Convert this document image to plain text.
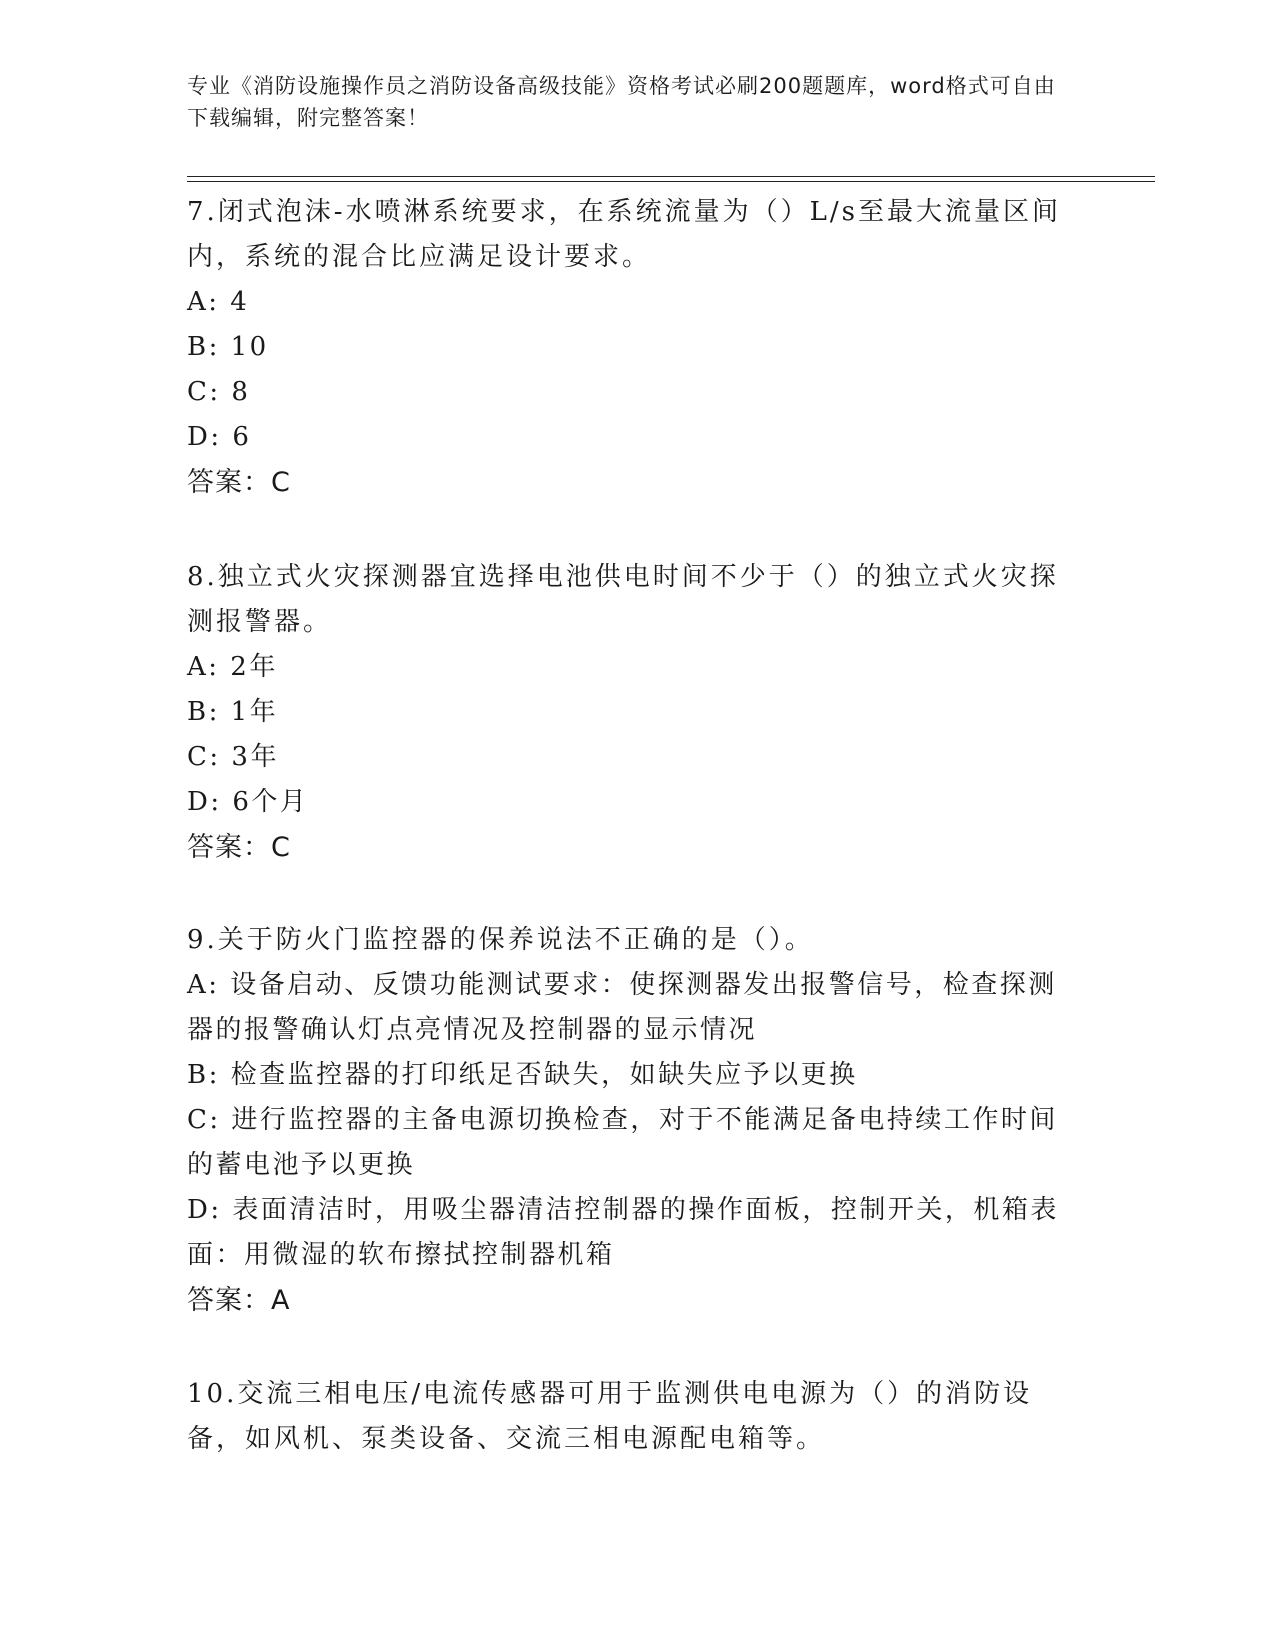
专业《消防设施操作员之消防设备高级技能》资格考试必刷200题题库，word格式可自由下载编辑，附完整答案！

7.闭式泡沫-水喷淋系统要求，在系统流量为（）L/s至最大流量区间内，系统的混合比应满足设计要求。

A: 4

B: 10

C: 8

D: 6

答案：C

8.独立式火灾探测器宜选择电池供电时间不少于（）的独立式火灾探测报警器。

A: 2年

B: 1年

C: 3年

D: 6个月

答案：C

9.关于防火门监控器的保养说法不正确的是（）。

A: 设备启动、反馈功能测试要求：使探测器发出报警信号，检查探测器的报警确认灯点亮情况及控制器的显示情况

B: 检查监控器的打印纸足否缺失，如缺失应予以更换

C: 进行监控器的主备电源切换检查，对于不能满足备电持续工作时间的蓄电池予以更换

D: 表面清洁时，用吸尘器清洁控制器的操作面板，控制开关，机箱表面：用微湿的软布擦拭控制器机箱

答案：A

10.交流三相电压/电流传感器可用于监测供电电源为（）的消防设备，如风机、泵类设备、交流三相电源配电箱等。
